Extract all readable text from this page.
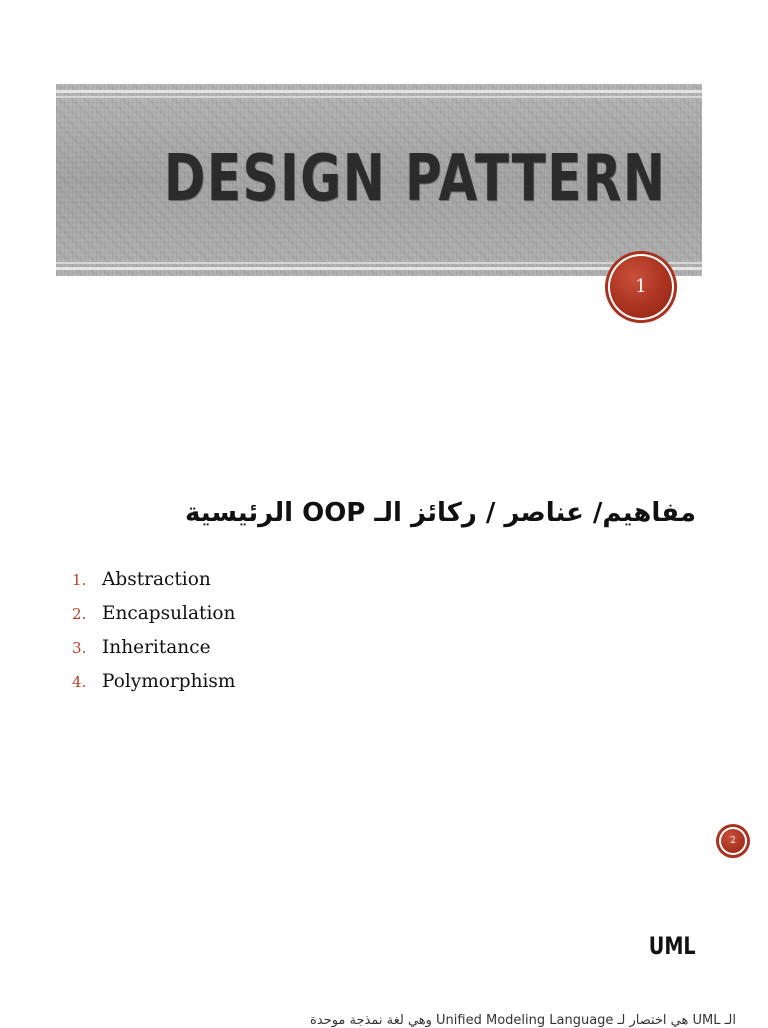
DESIGN PATTERN
1
مفاهيم/ عناصر / ركائز الـ OOP الرئيسية
1. Abstraction
2. Encapsulation
3. Inheritance
4. Polymorphism
2
UML
الـ UML هي اختصار لـ Unified Modeling Language وهي لغة نمذجة موحدة
